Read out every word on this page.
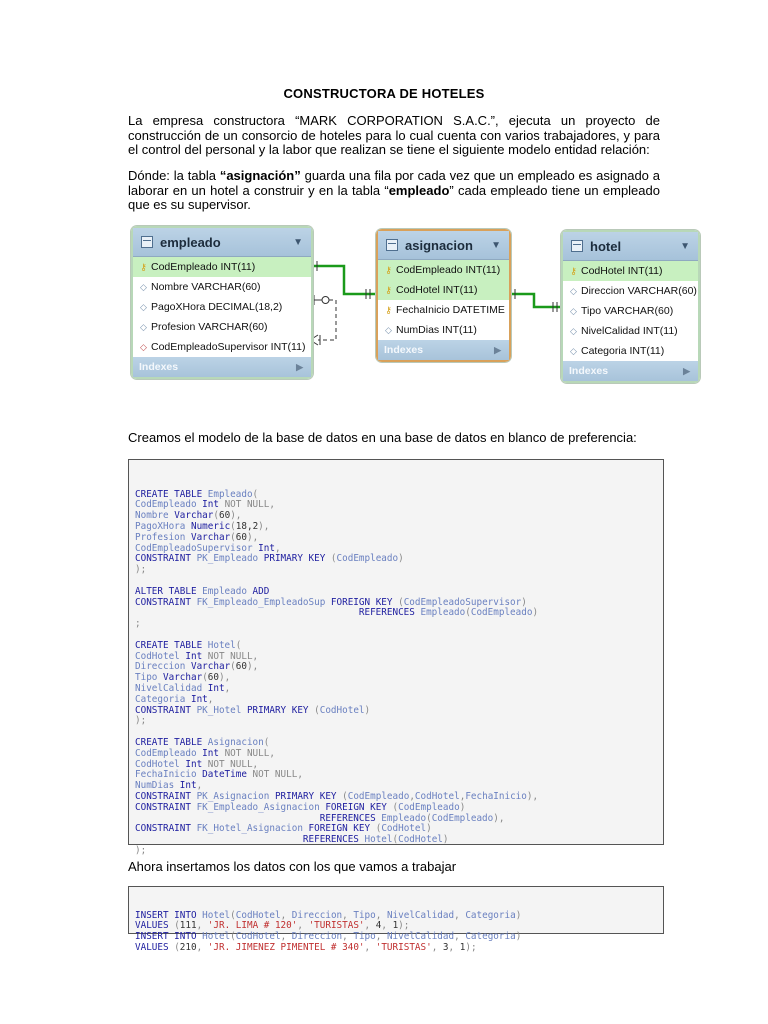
CONSTRUCTORA DE HOTELES
La empresa constructora “MARK CORPORATION S.A.C.”, ejecuta un proyecto de construcción de un consorcio de hoteles para lo cual cuenta con varios trabajadores, y para el control del personal y la labor que realizan se tiene el siguiente modelo entidad relación:
Dónde: la tabla “asignación” guarda una fila por cada vez que un empleado es asignado a laborar en un hotel a construir y en la tabla “empleado” cada empleado tiene un empleado que es su supervisor.
empleado	▼
⚷ CodEmpleado INT(11)
◇ Nombre VARCHAR(60)
◇ PagoXHora DECIMAL(18,2)
◇ Profesion VARCHAR(60)
◇ CodEmpleadoSupervisor INT(11)
Indexes	▶
asignacion	▼
⚷ CodEmpleado INT(11)
⚷ CodHotel INT(11)
⚷ FechaInicio DATETIME
◇ NumDias INT(11)
Indexes	▶
hotel	▼
⚷ CodHotel INT(11)
◇ Direccion VARCHAR(60)
◇ Tipo VARCHAR(60)
◇ NivelCalidad INT(11)
◇ Categoria INT(11)
Indexes	▶
Creamos el modelo de la base de datos en una base de datos en blanco de preferencia:

CREATE TABLE Empleado(
CodEmpleado Int NOT NULL,
Nombre Varchar(60),
PagoXHora Numeric(18,2),
Profesion Varchar(60),
CodEmpleadoSupervisor Int,
CONSTRAINT PK_Empleado PRIMARY KEY (CodEmpleado)
);

ALTER TABLE Empleado ADD
CONSTRAINT FK_Empleado_EmpleadoSup FOREIGN KEY (CodEmpleadoSupervisor)
REFERENCES Empleado(CodEmpleado)
;

CREATE TABLE Hotel(
CodHotel Int NOT NULL,
Direccion Varchar(60),
Tipo Varchar(60),
NivelCalidad Int,
Categoria Int,
CONSTRAINT PK_Hotel PRIMARY KEY (CodHotel)
);

CREATE TABLE Asignacion(
CodEmpleado Int NOT NULL,
CodHotel Int NOT NULL,
FechaInicio DateTime NOT NULL,
NumDias Int,
CONSTRAINT PK_Asignacion PRIMARY KEY (CodEmpleado,CodHotel,FechaInicio),
CONSTRAINT FK_Empleado_Asignacion FOREIGN KEY (CodEmpleado)
REFERENCES Empleado(CodEmpleado),
CONSTRAINT FK_Hotel_Asignacion FOREIGN KEY (CodHotel)
REFERENCES Hotel(CodHotel)
);

Ahora insertamos los datos con los que vamos a trabajar

INSERT INTO Hotel(CodHotel, Direccion, Tipo, NivelCalidad, Categoria)
VALUES (111, 'JR. LIMA # 120', 'TURISTAS', 4, 1);
INSERT INTO Hotel(CodHotel, Direccion, Tipo, NivelCalidad, Categoria)
VALUES (210, 'JR. JIMENEZ PIMENTEL # 340', 'TURISTAS', 3, 1);
